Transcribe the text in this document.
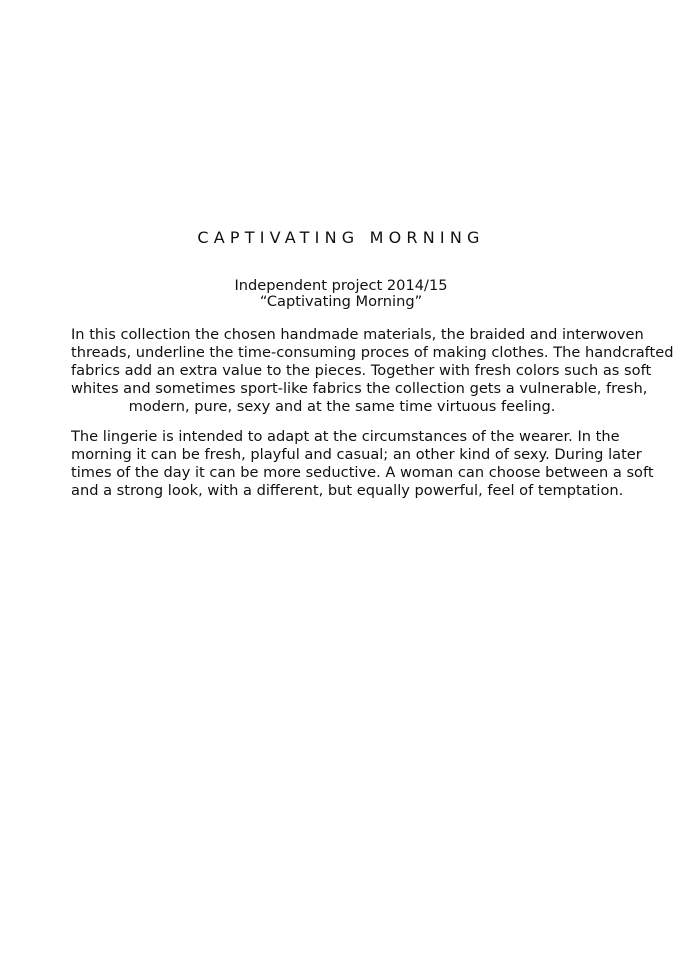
CAPTIVATING MORNING
Independent project 2014/15
“Captivating Morning”
In this collection the chosen handmade materials, the braided and interwoven
threads, underline the time-consuming proces of making clothes. The handcrafted
fabrics add an extra value to the pieces. Together with fresh colors such as soft
whites and sometimes sport-like fabrics the collection gets a vulnerable, fresh,
modern, pure, sexy and at the same time virtuous feeling.
The lingerie is intended to adapt at the circumstances of the wearer. In the
morning it can be fresh, playful and casual; an other kind of sexy. During later
times of the day it can be more seductive. A woman can choose between a soft
and a strong look, with a different, but equally powerful, feel of temptation.
